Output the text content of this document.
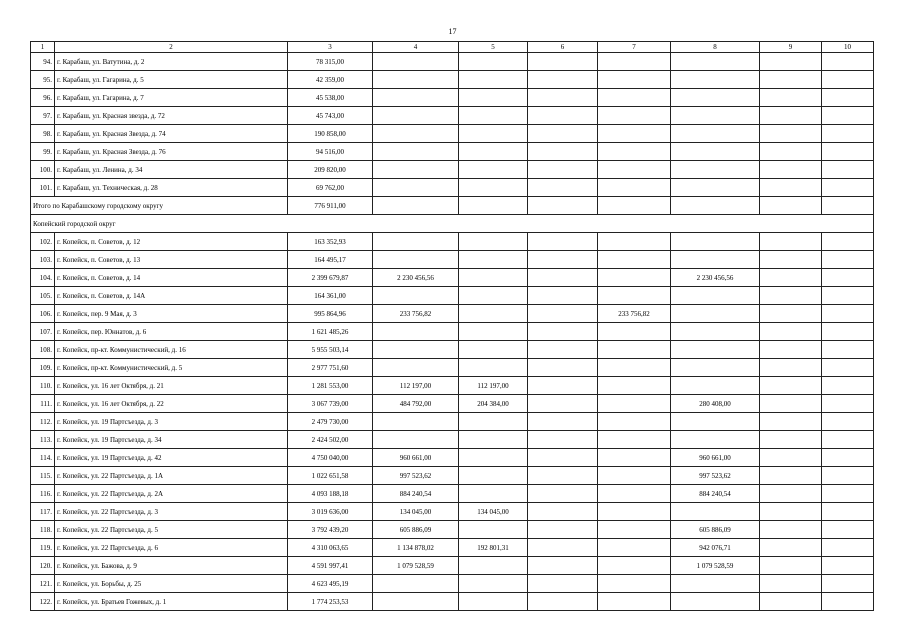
17
1	2	3	4	5	6	7	8	9	10
94.	г. Карабаш, ул. Ватутина, д. 2	78 315,00							
95.	г. Карабаш, ул. Гагарина, д. 5	42 359,00							
96.	г. Карабаш, ул. Гагарина, д. 7	45 538,00							
97.	г. Карабаш, ул. Красная звезда, д. 72	45 743,00							
98.	г. Карабаш, ул. Красная Звезда, д. 74	190 858,00							
99.	г. Карабаш, ул. Красная Звезда, д. 76	94 516,00							
100.	г. Карабаш, ул. Ленина, д. 34	209 820,00							
101.	г. Карабаш, ул. Техническая, д. 28	69 762,00							
Итого по Карабашскому городскому округу		776 911,00							
Копейский городской округ									
102.	г. Копейск, п. Советов, д. 12	163 352,93							
103.	г. Копейск, п. Советов, д. 13	164 495,17							
104.	г. Копейск, п. Советов, д. 14	2 399 679,87	2 230 456,56				2 230 456,56		
105.	г. Копейск, п. Советов, д. 14А	164 361,00							
106.	г. Копейск, пер. 9 Мая, д. 3	995 864,96	233 756,82			233 756,82			
107.	г. Копейск, пер. Юннатов, д. 6	1 621 485,26							
108.	г. Копейск, пр-кт. Коммунистический, д. 16	5 955 503,14							
109.	г. Копейск, пр-кт. Коммунистический, д. 5	2 977 751,60							
110.	г. Копейск, ул. 16 лет Октября, д. 21	1 281 553,00	112 197,00	112 197,00					
111.	г. Копейск, ул. 16 лет Октября, д. 22	3 067 739,00	484 792,00	204 384,00			280 408,00		
112.	г. Копейск, ул. 19 Партсъезда, д. 3	2 479 730,00							
113.	г. Копейск, ул. 19 Партсъезда, д. 34	2 424 502,00							
114.	г. Копейск, ул. 19 Партсъезда, д. 42	4 750 040,00	960 661,00				960 661,00		
115.	г. Копейск, ул. 22 Партсъезда, д. 1А	1 022 651,58	997 523,62				997 523,62		
116.	г. Копейск, ул. 22 Партсъезда, д. 2А	4 093 188,18	884 240,54				884 240,54		
117.	г. Копейск, ул. 22 Партсъезда, д. 3	3 019 636,00	134 045,00	134 045,00					
118.	г. Копейск, ул. 22 Партсъезда, д. 5	3 792 439,20	605 886,09				605 886,09		
119.	г. Копейск, ул. 22 Партсъезда, д. 6	4 310 063,65	1 134 878,02	192 801,31			942 076,71		
120.	г. Копейск, ул. Бажова, д. 9	4 591 997,41	1 079 528,59				1 079 528,59		
121.	г. Копейск, ул. Борьбы, д. 25	4 623 495,19							
122.	г. Копейск, ул. Братьев Гожевых, д. 1	1 774 253,53							
